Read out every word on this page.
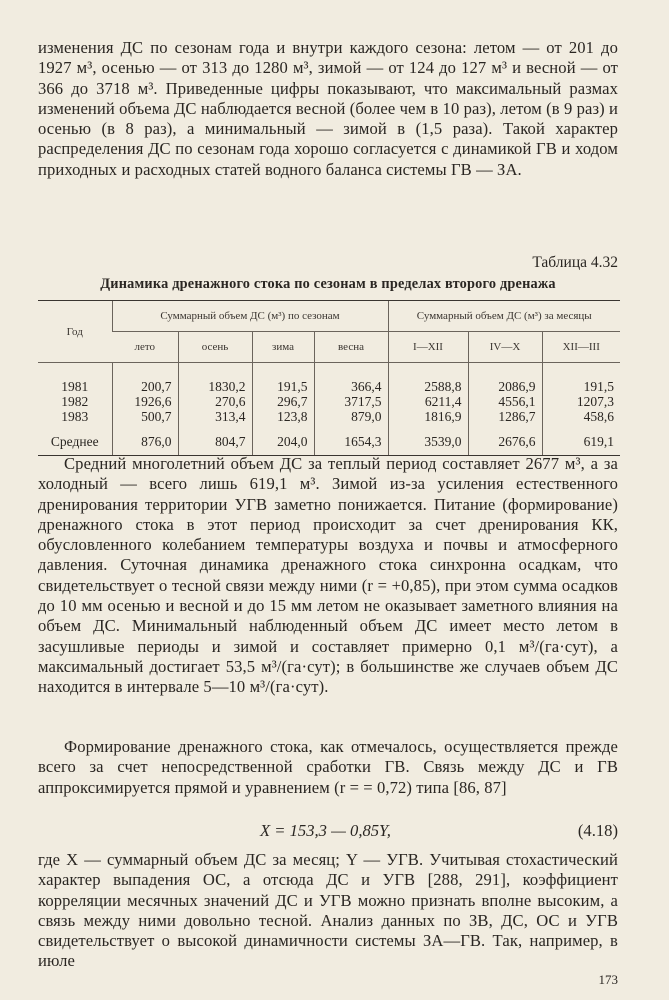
изменения ДС по сезонам года и внутри каждого сезона: летом — от 201 до 1927 м³, осенью — от 313 до 1280 м³, зимой — от 124 до 127 м³ и весной — от 366 до 3718 м³. Приведенные цифры показывают, что максимальный размах изменений объема ДС наблюдается весной (более чем в 10 раз), летом (в 9 раз) и осенью (в 8 раз), а минимальный — зимой в (1,5 раза). Такой характер распределения ДС по сезонам года хорошо согласуется с динамикой ГВ и ходом приходных и расходных статей водного баланса системы ГВ — ЗА.

Таблица 4.32
Динамика дренажного стока по сезонам в пределах второго дренажа
Год	Суммарный объем ДС (м³) по сезонам				Суммарный объем ДС (м³) за месяцы		
	лето	осень	зима	весна	I—XII	IV—X	XII—III
1981	200,7	1830,2	191,5	366,4	2588,8	2086,9	191,5
1982	1926,6	270,6	296,7	3717,5	6211,4	4556,1	1207,3
1983	500,7	313,4	123,8	879,0	1816,9	1286,7	458,6
Среднее	876,0	804,7	204,0	1654,3	3539,0	2676,6	619,1

Средний многолетний объем ДС за теплый период составляет 2677 м³, а за холодный — всего лишь 619,1 м³. Зимой из-за усиления естественного дренирования территории УГВ заметно понижается. Питание (формирование) дренажного стока в этот период происходит за счет дренирования КК, обусловленного колебанием температуры воздуха и почвы и атмосферного давления. Суточная динамика дренажного стока синхронна осадкам, что свидетельствует о тесной связи между ними (r = +0,85), при этом сумма осадков до 10 мм осенью и весной и до 15 мм летом не оказывает заметного влияния на объем ДС. Минимальный наблюденный объем ДС имеет место летом в засушливые периоды и зимой и составляет примерно 0,1 м³/(га·сут), а максимальный достигает 53,5 м³/(га·сут); в большинстве же случаев объем ДС находится в интервале 5—10 м³/(га·сут).

Формирование дренажного стока, как отмечалось, осуществляется прежде всего за счет непосредственной сработки ГВ. Связь между ДС и ГВ аппроксимируется прямой и уравнением (r = = 0,72) типа [86, 87]

X = 153,3 — 0,85Y,	(4.18)

где X — суммарный объем ДС за месяц; Y — УГВ. Учитывая стохастический характер выпадения ОС, а отсюда ДС и УГВ [288, 291], коэффициент корреляции месячных значений ДС и УГВ можно признать вполне высоким, а связь между ними довольно тесной. Анализ данных по ЗВ, ДС, ОС и УГВ свидетельствует о высокой динамичности системы ЗА—ГВ. Так, например, в июле

173
